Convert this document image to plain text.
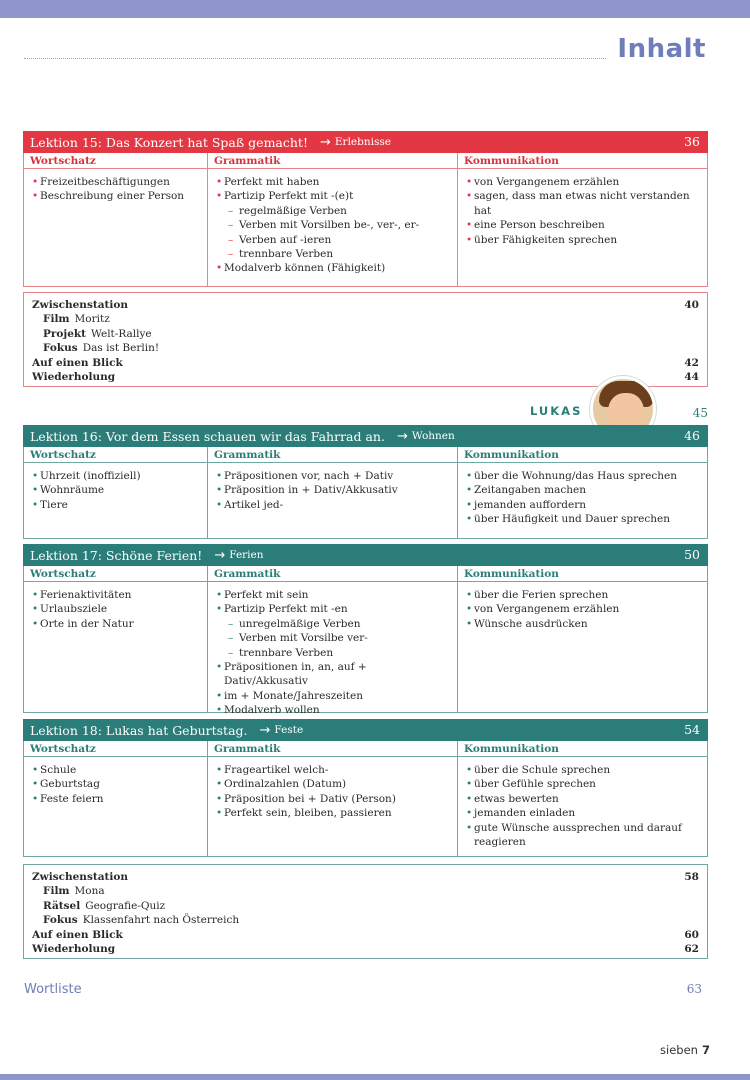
Inhalt
Lektion 15: Das Konzert hat Spaß gemacht! → Erlebnisse	36
Wortschatz
• Freizeitbeschäftigungen
• Beschreibung einer Person
Grammatik
• Perfekt mit haben
• Partizip Perfekt mit -(e)t
– regelmäßige Verben
– Verben mit Vorsilben be-, ver-, er-
– Verben auf -ieren
– trennbare Verben
• Modalverb können (Fähigkeit)
Kommunikation
• von Vergangenem erzählen
• sagen, dass man etwas nicht verstanden hat
• eine Person beschreiben
• über Fähigkeiten sprechen
Zwischenstation	40
Film Moritz
Projekt Welt-Rallye
Fokus Das ist Berlin!
Auf einen Blick	42
Wiederholung	44
LUKAS	45
Lektion 16: Vor dem Essen schauen wir das Fahrrad an. → Wohnen	46
Wortschatz
• Uhrzeit (inoffiziell)
• Wohnräume
• Tiere
Grammatik
• Präpositionen vor, nach + Dativ
• Präposition in + Dativ/Akkusativ
• Artikel jed-
Kommunikation
• über die Wohnung/das Haus sprechen
• Zeitangaben machen
• jemanden auffordern
• über Häufigkeit und Dauer sprechen
Lektion 17: Schöne Ferien! → Ferien	50
Wortschatz
• Ferienaktivitäten
• Urlaubsziele
• Orte in der Natur
Grammatik
• Perfekt mit sein
• Partizip Perfekt mit -en
– unregelmäßige Verben
– Verben mit Vorsilbe ver-
– trennbare Verben
• Präpositionen in, an, auf + Dativ/Akkusativ
• im + Monate/Jahreszeiten
• Modalverb wollen
Kommunikation
• über die Ferien sprechen
• von Vergangenem erzählen
• Wünsche ausdrücken
Lektion 18: Lukas hat Geburtstag. → Feste	54
Wortschatz
• Schule
• Geburtstag
• Feste feiern
Grammatik
• Frageartikel welch-
• Ordinalzahlen (Datum)
• Präposition bei + Dativ (Person)
• Perfekt sein, bleiben, passieren
Kommunikation
• über die Schule sprechen
• über Gefühle sprechen
• etwas bewerten
• jemanden einladen
• gute Wünsche aussprechen und darauf reagieren
Zwischenstation	58
Film Mona
Rätsel Geografie-Quiz
Fokus Klassenfahrt nach Österreich
Auf einen Blick	60
Wiederholung	62
Wortliste	63
sieben 7
